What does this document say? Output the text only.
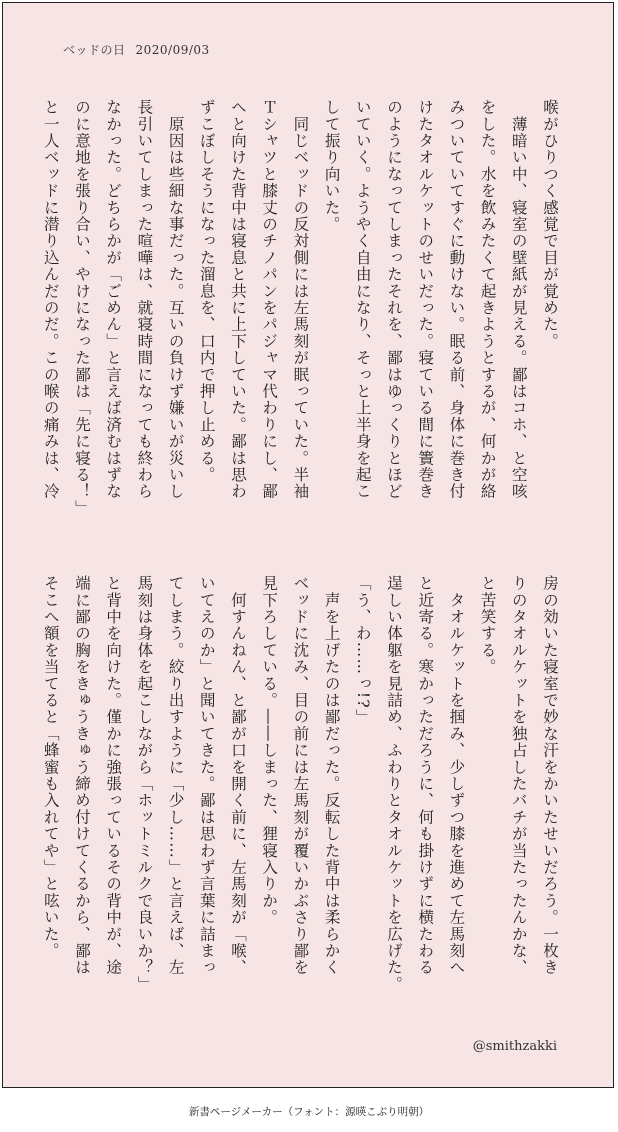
ベッドの日 2020/09/03

喉がひりつく感覚で目が覚めた。

　薄暗い中、寝室の壁紙が見える。鄙はコホ、と空咳
をした。水を飲みたくて起きようとするが、何かが絡
みついていてすぐに動けない。眠る前、身体に巻き付
けたタオルケットのせいだった。寝ている間に簀巻き
のようになってしまったそれを、鄙はゆっくりとほど
いていく。ようやく自由になり、そっと上半身を起こ
して振り向いた。

　同じベッドの反対側には左馬刻が眠っていた。半袖
Ｔシャツと膝丈のチノパンをパジャマ代わりにし、鄙
へと向けた背中は寝息と共に上下していた。鄙は思わ
ずこぼしそうになった溜息を、口内で押し止める。

　原因は些細な事だった。互いの負けず嫌いが災いし
長引いてしまった喧嘩は、就寝時間になっても終わら
なかった。どちらかが「ごめん」と言えば済むはずな
のに意地を張り合い、やけになった鄙は「先に寝る！」
と一人ベッドに潜り込んだのだ。この喉の痛みは、冷

房の効いた寝室で妙な汗をかいたせいだろう。一枚き
りのタオルケットを独占したバチが当たったんかな、
と苦笑する。

　タオルケットを掴み、少しずつ膝を進めて左馬刻へ
と近寄る。寒かっただろうに、何も掛けずに横たわる
逞しい体躯を見詰め、ふわりとタオルケットを広げた。

「う、わ……っ!?」

　声を上げたのは鄙だった。反転した背中は柔らかく
ベッドに沈み、目の前には左馬刻が覆いかぶさり鄙を
見下ろしている。――しまった、狸寝入りか。

　何すんねん、と鄙が口を開く前に、左馬刻が「喉、
いてえのか」と聞いてきた。鄙は思わず言葉に詰まっ
てしまう。絞り出すように「少し……」と言えば、左
馬刻は身体を起こしながら「ホットミルクで良いか？」
と背中を向けた。僅かに強張っているその背中が、途
端に鄙の胸をきゅうきゅう締め付けてくるから、鄙は
そこへ額を当てると「蜂蜜も入れてや」と呟いた。

@smithzakki
新書ページメーカー（フォント：源暎こぶり明朝）
